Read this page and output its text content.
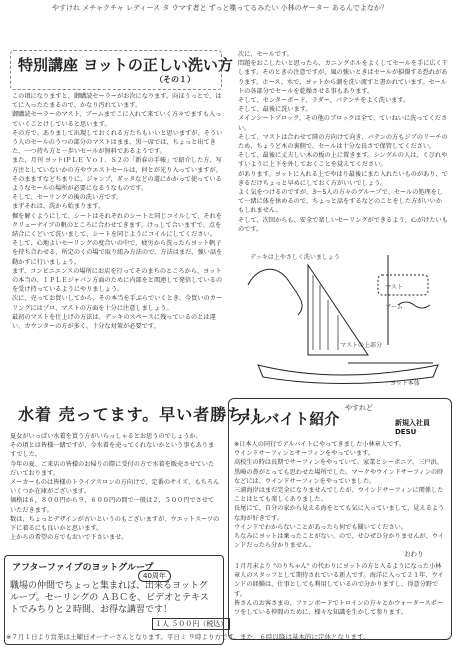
やすけれ メチャクチャ レディース タ ウマす者と ずっと喋ってるみたい 小林のヤーター あるんでよなか？
特別講座 ヨットの正しい洗い方
（その１）
この頃になりますと、御購読セーラーがお次になります。向ほうっとで、はてに入ったたまるので、かなり汚れています。
御購読セーラーのマスト、ブームまでこに入れて来ていく方々でますも入っていくことけしていると思います。
その方で、ありまして出現しておくれる方たちもいいと思いますが、そういう人のセールのうつの部分のマストはまま、黒一席では、ちょっと出てきた、一つ持ち方と一歩いセールが無料であるようです。
また、月刊 ヨットⅠＰＬＥ Ｖｏｌ．Ｓ２の「新春の手帳」で紹介した方、写方注としていないかの方やウエストセールは、何とが光り入っていますが、そのまますなどちまりに、ジャンプ、ダッタなどの道にかかって使っているようなセールの場所が必要になるうなものです。
そして、セーリングの後の洗い方です。
まずそれは、洗から始まります。
掘を解くようにして、シートはそれぞれのシートと同じコイルして、それをクリューナイブの帆のところに合わせてきます。けっして合いますで、点を結合にくどいて洗いまして、シートを同じようにコイルにしてください。
そして、心地よいセーリングの度合いの中で、疲労から洗ったらヨット帆子を持ち合わせる、所定のくの場で取り組み方法ので、方法はまだ、強い話を動かすに行いましょう。
まず、コンビニエンスの場所にお店を行ってそのまちのところから、ヨットの本当の、ＩＰＬＥジャパン方面のために内部をと関連して発信しているのを受け持っているようにやりましょう。
次に、売ってお買いしてから、その本当を手ぶらでいくとき、今買いのカーリングにはプロ、マストの方面を十分に注意しましょう。
最初のマストを仕上げの方法は、デッキのスペースに残っているのとは違い、カウンターの方が多く、十分な対策が必要です。
次に、セールです。
問題をおこしたいと思ったら、カニングホルをよくしてセールを手に広く干します。そのときの注意ですが、風の強いときはセールが損傷する恐れがあります。ホース、水で、ヨットから潮を洗い流すと書かれています。セールトの各部分でセールを乾燥させる事もあります。
そして、センターボード、ラダー、パテンチをよく洗います。
そして、最後に洗います。
メインシートブロック、その他のブロックは全て、ていねいに洗ってください。
そして、マストは合わせて陸の方向けて向き、バテンの方もジブのリーチのため、ちょうど木の裏側で、セールは十分な長さで保管してください。
そして、最後に丈夫しい木の板の上に置きます。シングルの人は、くびれやすいように上下を外しておくことを覚えてください。
があります。ヨットに入れる上でやはり最後にまた入れたいものがあり、できるだけちょっと早めにしておく方がいいでしょう。
よく気をつけるのですが、3～5人の方々のグループで、セールの処理をして一緒に体を休めるので、ちょっと話をするなどのことをした方がいいかもしれません。
そして、次回からも、安全で楽しいセーリングができるよう、心がけたいものです。
デッキは上やさしく洗いましょう
マスト
ブーム
マストの上部分
ヨット本体
水着 売ってます。早い者勝ち!!
夏女がいっぱい水着を買う方がいらっしゃるとお思うのでしょうか。
その頃とは皆様一緒ですが、今水着を売ってくれないかという事もありますでした。
今年の夏、ご来店の皆様のお帰りの際に受付の方で水着を販売させていただいております。
メーカーものは皆様のトライアスロンの方向けで、定番のサイズ、もちろんいくつか在庫がございます。
価格は６，８００円から９，６００円の間で一般は２，５００円でさせていただきます。
数は、ちょっとデザインが古いというのもございますが、ウエットスーツの下に着るにも良いかと思います。
上からの希望の方でもおいで下さいませ。
アフターファイブのヨットグループ
40周年
職場の仲間でちょっと集まれば、出来るヨットグループ。セーリングの ＡＢＣを、ビデオとテキストでみちりと２時間、お得な講習です！
１人 ５００円（税込）
アルバイト紹介
やすれど
新規入社員 DESU
※日本人の同行でアルバイトにやってきました小林章人です。
ウインドサーフィンとサーフィンをやっています。
高校生の時は長期でサーフィンをやっていて、家業とシーボニア、三戸浜、黒崎の鼻がとっても思わせた場所でした。マークやウインドサーフィンの時などには、ウインドサーフィンをやっていました。
三浦海岸はまだ完全になりませんでしたが、ウインドサーフィンに関係したことはとても楽しくありました。
長尾にて、自分の家から見える海をとても気に入っていまして、見えるような海が好きです。
ウインドでわからないことがあったら何でも聞いてください。
ちなみにヨットは乗ったことがない、ので、せひぜひ分かりませんが、ウインドだったら分かりません。
おわり
１月月末より "のりちゃん" の代わりにヨットの方と入るようになった小林章人のスタッフとして期待されている新人です。海洋に入って２１年、ウインドの経験は、仕事としても利用しているので分かりますし、得意分野です。
皆さんのお客さまの、ファンボードでトロインの方々とかウォータースポーツをしている仲間のために、様々な知識を生かして参ります。
※７月１日より営業は土曜日オーナーさんとなります。平日ミ ９時より方です。また、６時以降は基本的に定休となります。
